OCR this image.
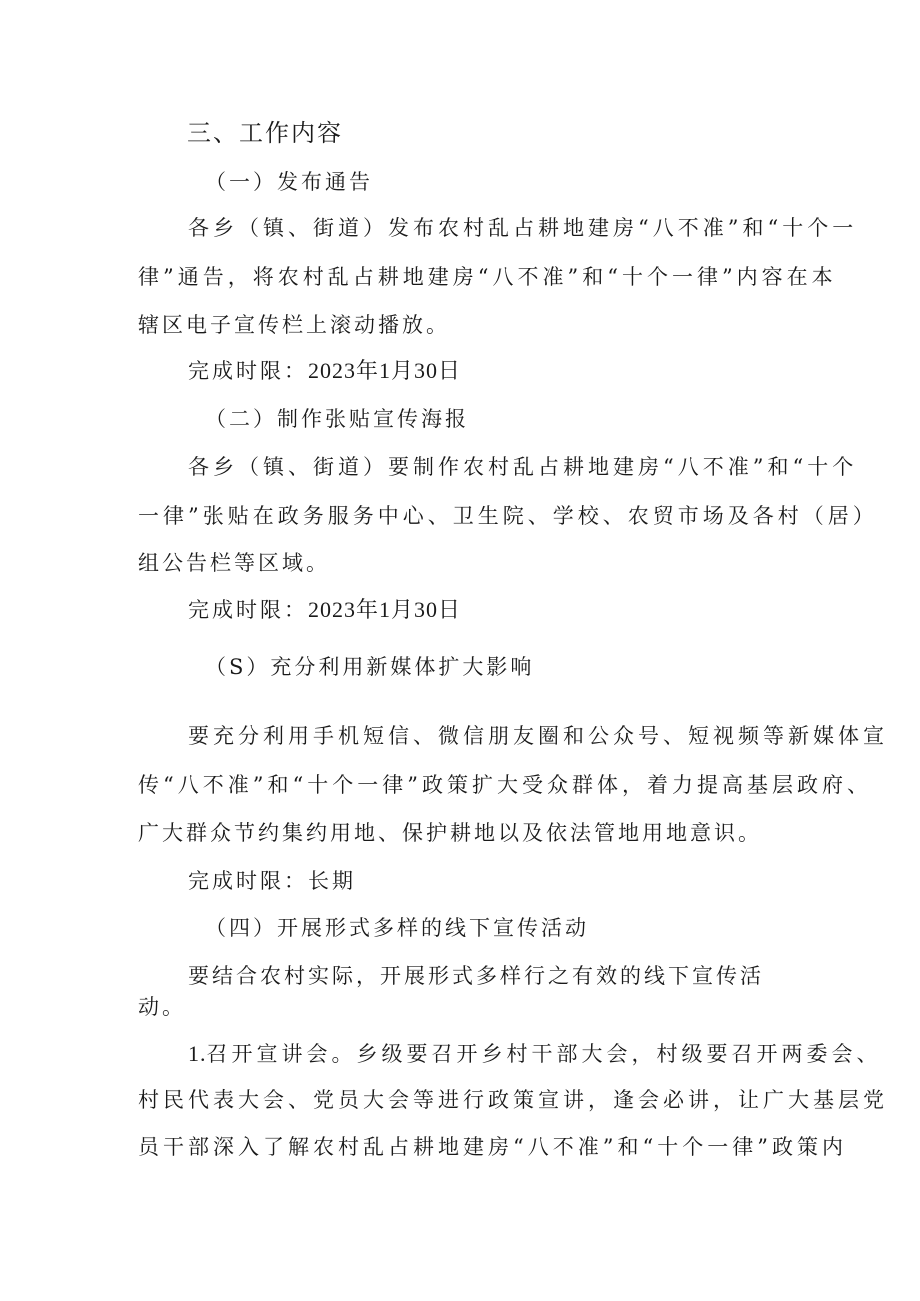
三、工作内容
（一）发布通告
各乡（镇、街道）发布农村乱占耕地建房“八不准”和“十个一
律”通告，将农村乱占耕地建房“八不准”和“十个一律”内容在本
辖区电子宣传栏上滚动播放。
完成时限：2023年1月30日
（二）制作张贴宣传海报
各乡（镇、街道）要制作农村乱占耕地建房“八不准”和“十个
一律”张贴在政务服务中心、卫生院、学校、农贸市场及各村（居）
组公告栏等区域。
完成时限：2023年1月30日
（S）充分利用新媒体扩大影响
要充分利用手机短信、微信朋友圈和公众号、短视频等新媒体宣
传“八不准”和“十个一律”政策扩大受众群体，着力提高基层政府、
广大群众节约集约用地、保护耕地以及依法管地用地意识。
完成时限：长期
（四）开展形式多样的线下宣传活动
要结合农村实际，开展形式多样行之有效的线下宣传活
动。
1.召开宣讲会。乡级要召开乡村干部大会，村级要召开两委会、
村民代表大会、党员大会等进行政策宣讲，逢会必讲，让广大基层党
员干部深入了解农村乱占耕地建房“八不准”和“十个一律”政策内
